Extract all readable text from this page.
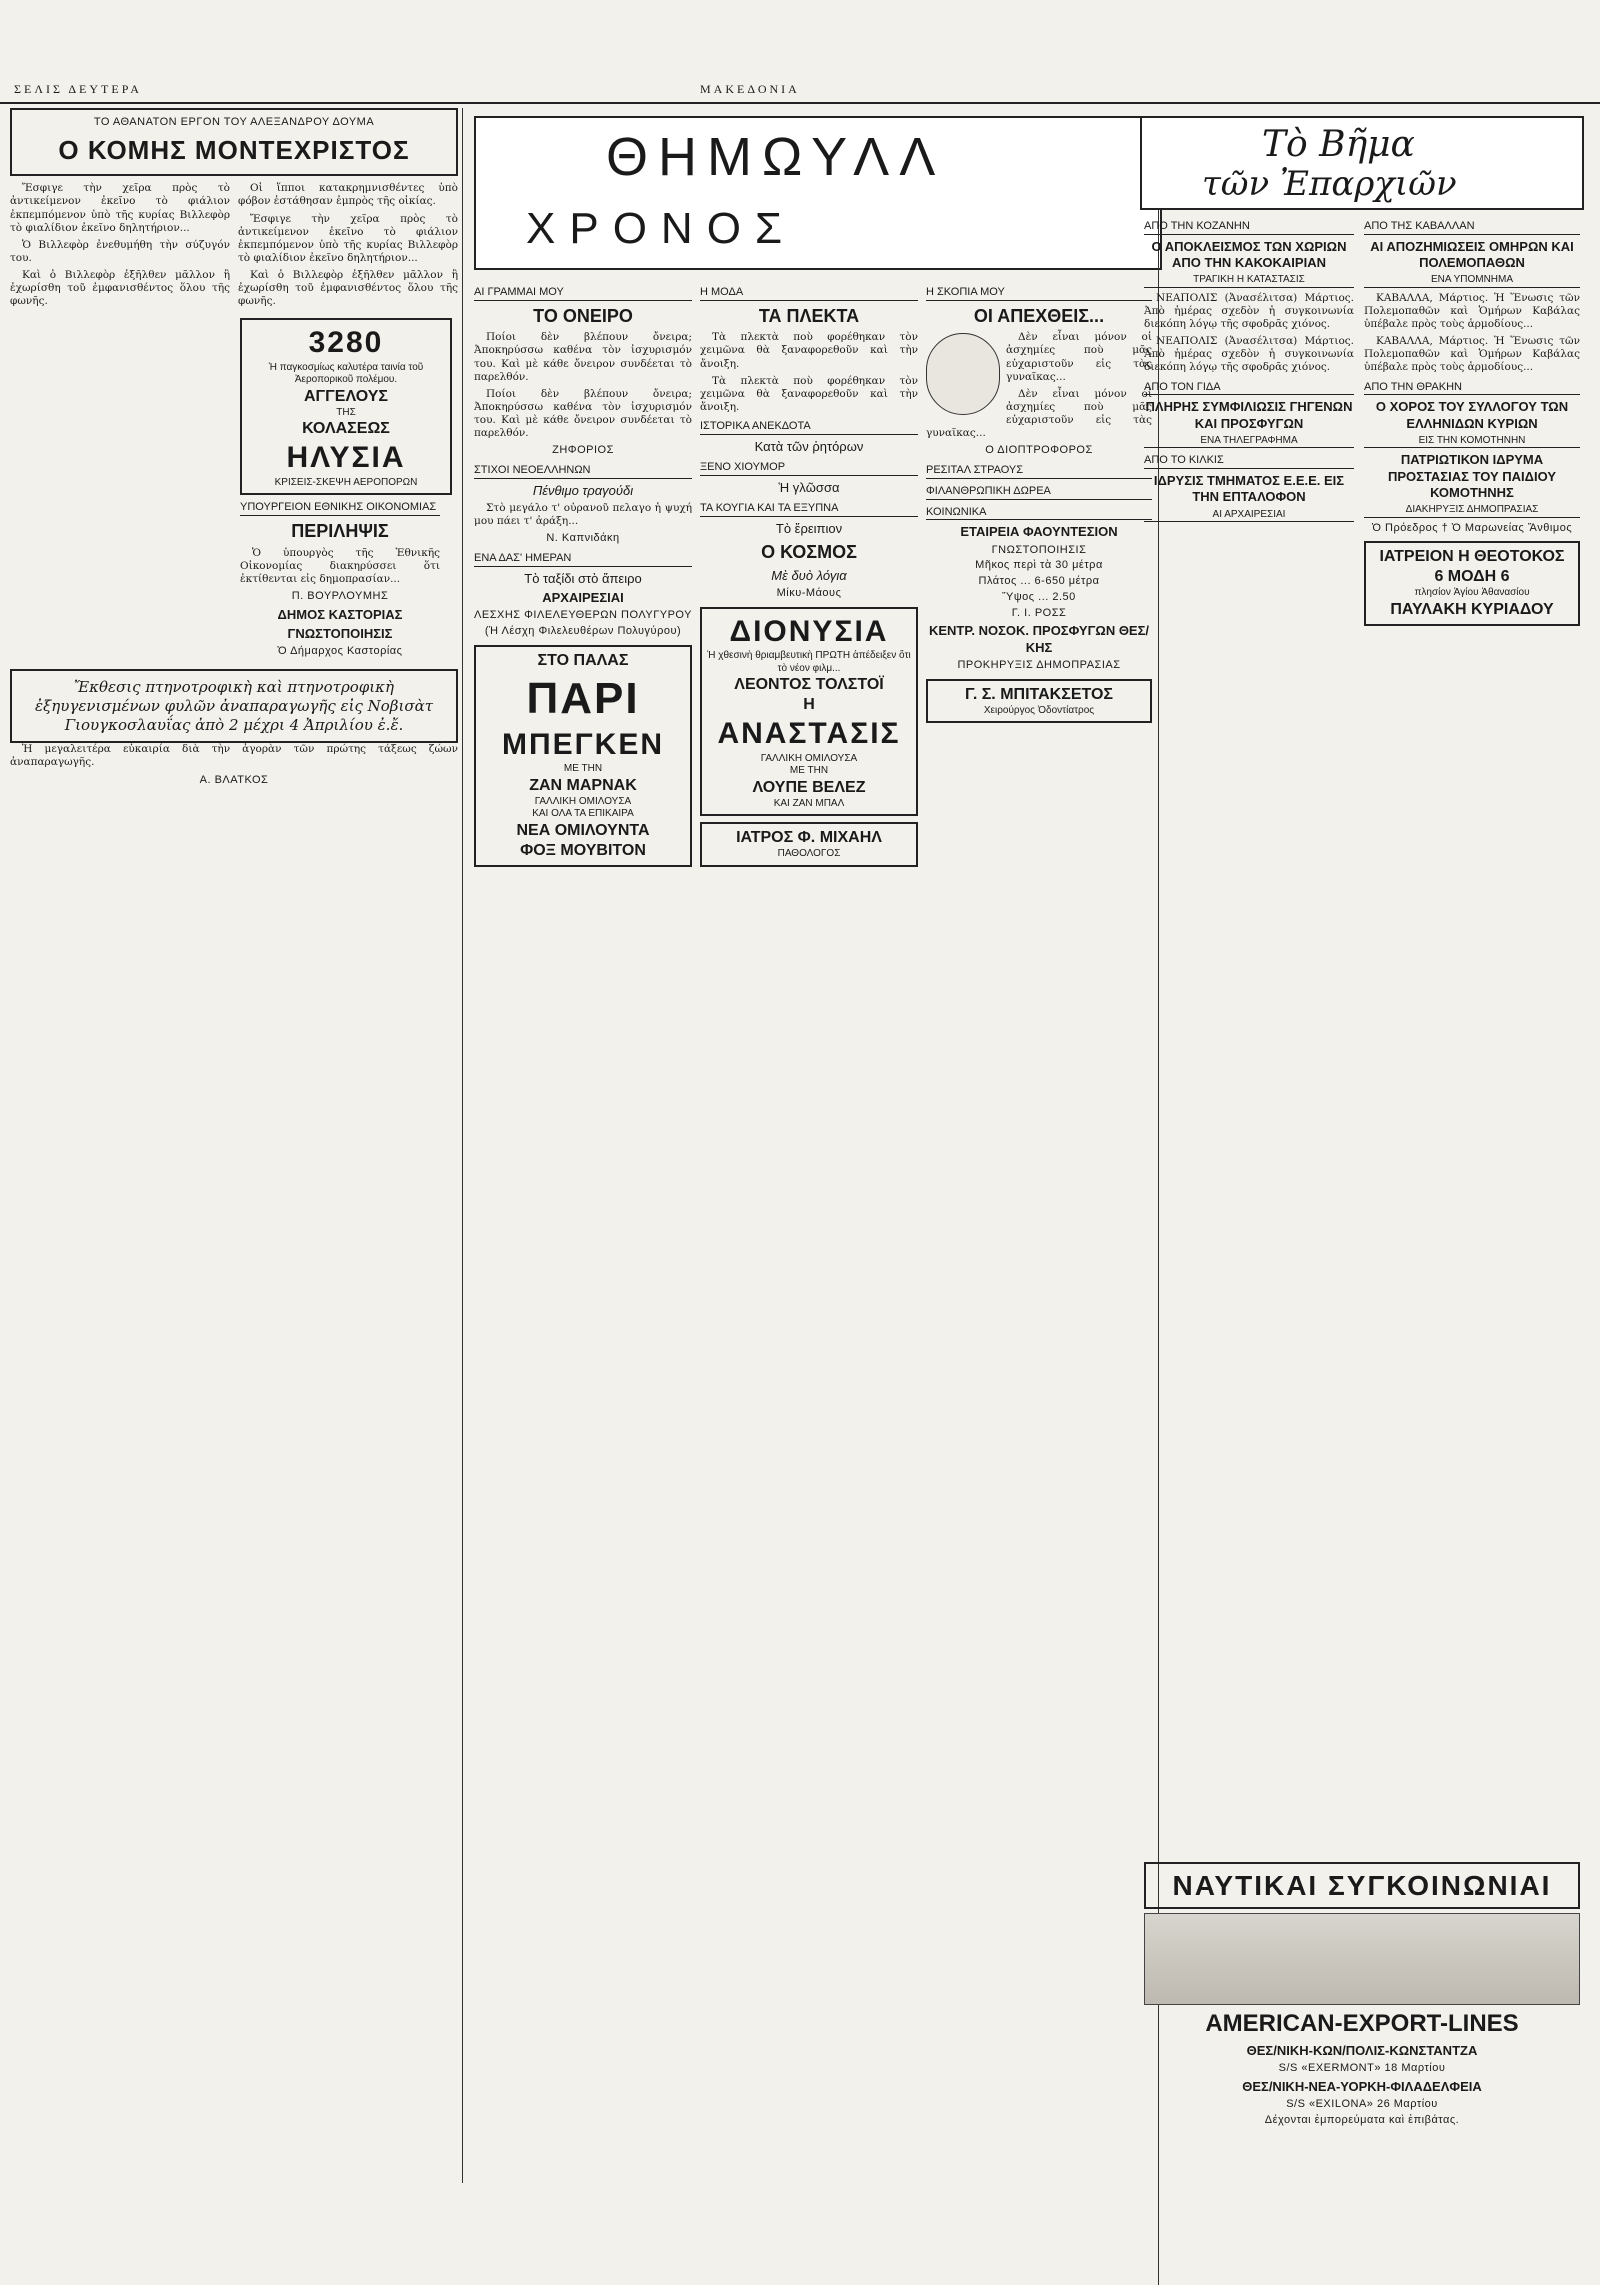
ΣΕΛΙΣ ΔΕΥΤΕΡΑ	ΜΑΚΕΔΟΝΙΑ
ΤΟ ΑΘΑΝΑΤΟΝ ΕΡΓΟΝ ΤΟΥ ΑΛΕΞΑΝΔΡΟΥ ΔΟΥΜΑ
Ο ΚΟΜΗΣ ΜΟΝΤΕΧΡΙΣΤΟΣ

Ἔσφιγε τὴν χεῖρα πρὸς τὸ ἀντικείμενον ἐκεῖνο τὸ φιάλιον ἐκπεμπόμενον ὑπὸ τῆς κυρίας Βιλλεφὸρ τὸ φιαλίδιον ἐκεῖνο δηλητήριον...

Ὁ Βιλλεφὸρ ἐνεθυμήθη τὴν σύζυγόν του.

Καὶ ὁ Βιλλεφὸρ ἐξῆλθεν μᾶλλον ἢ ἐχωρίσθη τοῦ ἐμφανισθέντος ὅλου τῆς φωνῆς.

Οἱ ἵπποι κατακρημνισθέντες ὑπὸ φόβον ἐστάθησαν ἐμπρὸς τῆς οἰκίας.

Ἔσφιγε τὴν χεῖρα πρὸς τὸ ἀντικείμενον ἐκεῖνο τὸ φιάλιον ἐκπεμπόμενον ὑπὸ τῆς κυρίας Βιλλεφὸρ τὸ φιαλίδιον ἐκεῖνο δηλητήριον...

Καὶ ὁ Βιλλεφὸρ ἐξῆλθεν μᾶλλον ἢ ἐχωρίσθη τοῦ ἐμφανισθέντος ὅλου τῆς φωνῆς.

3280
Ἡ παγκοσμίως καλυτέρα ταινία τοῦ Ἀεροπορικοῦ πολέμου.
ΑΓΓΕΛΟΥΣ
ΤΗΣ
ΚΟΛΑΣΕΩΣ
ΗΛΥΣΙΑ
ΚΡΙΣΕΙΣ-ΣΚΕΨΗ ΑΕΡΟΠΟΡΩΝ
ΥΠΟΥΡΓΕΙΟΝ ΕΘΝΙΚΗΣ ΟΙΚΟΝΟΜΙΑΣ
ΠΕΡΙΛΗΨΙΣ

Ὁ ὑπουργὸς τῆς Ἐθνικῆς Οἰκονομίας διακηρύσσει ὅτι ἐκτίθενται εἰς δημοπρασίαν...

Π. ΒΟΥΡΛΟΥΜΗΣ
ΔΗΜΟΣ ΚΑΣΤΟΡΙΑΣ
ΓΝΩΣΤΟΠΟΙΗΣΙΣ
Ὁ Δήμαρχος Καστορίας
Ἔκθεσις πτηνοτροφικὴ καὶ πτηνοτροφικὴ ἐξηυγενισμένων φυλῶν ἀναπαραγωγῆς εἰς Νοβισὰτ Γιουγκοσλαυΐας ἀπὸ 2 μέχρι 4 Ἀπριλίου ἐ.ἔ.

Ἡ μεγαλειτέρα εὐκαιρία διὰ τὴν ἀγορὰν τῶν πρώτης τάξεως ζώων ἀναπαραγωγῆς.

Α. ΒΛΑΤΚΟΣ
ΘΗΜΩΥΛΛ
ΧΡΟΝΟΣ
Τὸ Βῆμα
τῶν Ἐπαρχιῶν
ΑΙ ΓΡΑΜΜΑΙ ΜΟΥ
ΤΟ ΟΝΕΙΡΟ

Ποίοι δὲν βλέπουν ὄνειρα; Ἀποκηρύσσω καθένα τὸν ἰσχυρισμόν του. Καὶ μὲ κάθε ὄνειρον συνδέεται τὸ παρελθόν.

Ποίοι δὲν βλέπουν ὄνειρα; Ἀποκηρύσσω καθένα τὸν ἰσχυρισμόν του. Καὶ μὲ κάθε ὄνειρον συνδέεται τὸ παρελθόν.

ΖΗΦΟΡΙΟΣ
ΣΤΙΧΟΙ ΝΕΟΕΛΛΗΝΩΝ
Πένθιμο τραγούδι

Στὸ μεγάλο τ' οὐρανοῦ πελαγο ἡ ψυχή μου πάει τ' ἀράξη...

Ν. Καπνιδάκη
ΕΝΑ ΔΑΣ' ΗΜΕΡΑΝ
Τὸ ταξίδι στὸ ἄπειρο
ΑΡΧΑΙΡΕΣΙΑΙ
ΛΕΣΧΗΣ ΦΙΛΕΛΕΥΘΕΡΩΝ ΠΟΛΥΓΥΡΟΥ
(Ἡ Λέσχη Φιλελευθέρων Πολυγύρου)
ΣΤΟ ΠΑΛΑΣ
ΠΑΡΙ
ΜΠΕΓΚΕΝ
ΜΕ ΤΗΝ
ΖΑΝ ΜΑΡΝΑΚ
ΓΑΛΛΙΚΗ ΟΜΙΛΟΥΣΑ
ΚΑΙ ΟΛΑ ΤΑ ΕΠΙΚΑΙΡΑ
ΝΕΑ ΟΜΙΛΟΥΝΤΑ
ΦΟΞ ΜΟΥΒΙΤΟΝ
Η ΜΟΔΑ
ΤΑ ΠΛΕΚΤΑ

Τὰ πλεκτὰ ποὺ φορέθηκαν τὸν χειμῶνα θὰ ξαναφορεθοῦν καὶ τὴν ἄνοιξη.

Τὰ πλεκτὰ ποὺ φορέθηκαν τὸν χειμῶνα θὰ ξαναφορεθοῦν καὶ τὴν ἄνοιξη.

ΙΣΤΟΡΙΚΑ ΑΝΕΚΔΟΤΑ
Κατὰ τῶν ῥητόρων
ΞΕΝΟ ΧΙΟΥΜΟΡ
Ἡ γλῶσσα
ΤΑ ΚΟΥΓΙΑ ΚΑΙ ΤΑ ΕΞΥΠΝΑ
Τὸ ἔρειπιον
Ο ΚΟΣΜΟΣ
Μὲ δυὸ λόγια
Μίκυ-Μάους
ΔΙΟΝΥΣΙΑ
Ἡ χθεσινὴ θριαμβευτικὴ ΠΡΩΤΗ ἀπέδειξεν ὅτι τὸ νέον φιλμ...
ΛΕΟΝΤΟΣ ΤΟΛΣΤΟΪ
Η
ΑΝΑΣΤΑΣΙΣ
ΓΑΛΛΙΚΗ ΟΜΙΛΟΥΣΑ
ΜΕ ΤΗΝ
ΛΟΥΠΕ ΒΕΛΕΖ
ΚΑΙ ΖΑΝ ΜΠΑΛ
ΙΑΤΡΟΣ Φ. ΜΙΧΑΗΛ
ΠΑΘΟΛΟΓΟΣ
Η ΣΚΟΠΙΑ ΜΟΥ
ΟΙ ΑΠΕΧΘΕΙΣ...

Δὲν εἶναι μόνον οἱ ἀσχημίες ποὺ μᾶς εὐχαριστοῦν εἰς τὰς γυναῖκας...

Δὲν εἶναι μόνον οἱ ἀσχημίες ποὺ μᾶς εὐχαριστοῦν εἰς τὰς γυναῖκας...

Ο ΔΙΟΠΤΡΟΦΟΡΟΣ
ΡΕΣΙΤΑΛ ΣΤΡΑΟΥΣ
ΦΙΛΑΝΘΡΩΠΙΚΗ ΔΩΡΕΑ
ΚΟΙΝΩΝΙΚΑ
ΕΤΑΙΡΕΙΑ ΦΑΟΥΝΤΕΣΙΟΝ
ΓΝΩΣΤΟΠΟΙΗΣΙΣ
Μῆκος περὶ τὰ 30 μέτρα
Πλάτος ... 6-650 μέτρα
Ὕψος ... 2.50
Γ. Ι. ΡΟΣΣ
ΚΕΝΤΡ. ΝΟΣΟΚ. ΠΡΟΣΦΥΓΩΝ ΘΕΣ/ΚΗΣ
ΠΡΟΚΗΡΥΞΙΣ ΔΗΜΟΠΡΑΣΙΑΣ
Γ. Σ. ΜΠΙΤΑΚΣΕΤΟΣ
Χειρούργος Ὀδοντίατρος
ΑΠΟ ΤΗΝ ΚΟΖΑΝΗΝ
Ο ΑΠΟΚΛΕΙΣΜΟΣ ΤΩΝ ΧΩΡΙΩΝ ΑΠΟ ΤΗΝ ΚΑΚΟΚΑΙΡΙΑΝ
ΤΡΑΓΙΚΗ Η ΚΑΤΑΣΤΑΣΙΣ

ΝΕΑΠΟΛΙΣ (Ἀνασέλιτσα) Μάρτιος. Ἀπὸ ἡμέρας σχεδὸν ἡ συγκοινωνία διεκόπη λόγῳ τῆς σφοδρᾶς χιόνος.

ΝΕΑΠΟΛΙΣ (Ἀνασέλιτσα) Μάρτιος. Ἀπὸ ἡμέρας σχεδὸν ἡ συγκοινωνία διεκόπη λόγῳ τῆς σφοδρᾶς χιόνος.

ΑΠΟ ΤΟΝ ΓΙΔΑ
ΠΛΗΡΗΣ ΣΥΜΦΙΛΙΩΣΙΣ ΓΗΓΕΝΩΝ ΚΑΙ ΠΡΟΣΦΥΓΩΝ
ΕΝΑ ΤΗΛΕΓΡΑΦΗΜΑ
ΑΠΟ ΤΟ ΚΙΛΚΙΣ
ΙΔΡΥΣΙΣ ΤΜΗΜΑΤΟΣ Ε.Ε.Ε. ΕΙΣ ΤΗΝ ΕΠΤΑΛΟΦΟΝ
ΑΙ ΑΡΧΑΙΡΕΣΙΑΙ
ΑΠΟ ΤΗΣ ΚΑΒΑΛΛΑΝ
ΑΙ ΑΠΟΖΗΜΙΩΣΕΙΣ ΟΜΗΡΩΝ ΚΑΙ ΠΟΛΕΜΟΠΑΘΩΝ
ΕΝΑ ΥΠΟΜΝΗΜΑ

ΚΑΒΑΛΛΑ, Μάρτιος. Ἡ Ἕνωσις τῶν Πολεμοπαθῶν καὶ Ὁμήρων Καβάλας ὑπέβαλε πρὸς τοὺς ἁρμοδίους...

ΚΑΒΑΛΛΑ, Μάρτιος. Ἡ Ἕνωσις τῶν Πολεμοπαθῶν καὶ Ὁμήρων Καβάλας ὑπέβαλε πρὸς τοὺς ἁρμοδίους...

ΑΠΟ ΤΗΝ ΘΡΑΚΗΝ
Ο ΧΟΡΟΣ ΤΟΥ ΣΥΛΛΟΓΟΥ ΤΩΝ ΕΛΛΗΝΙΔΩΝ ΚΥΡΙΩΝ
ΕΙΣ ΤΗΝ ΚΟΜΟΤΗΝΗΝ
ΠΑΤΡΙΩΤΙΚΟΝ ΙΔΡΥΜΑ ΠΡΟΣΤΑΣΙΑΣ ΤΟΥ ΠΑΙΔΙΟΥ ΚΟΜΟΤΗΝΗΣ
ΔΙΑΚΗΡΥΞΙΣ ΔΗΜΟΠΡΑΣΙΑΣ
Ὁ Πρόεδρος † Ὁ Μαρωνείας Ἄνθιμος
ΙΑΤΡΕΙΟΝ Η ΘΕΟΤΟΚΟΣ
6 ΜΟΔΗ 6
πλησίον Ἁγίου Ἀθανασίου
ΠΑΥΛΑΚΗ ΚΥΡΙΑΔΟΥ
ΝΑΥΤΙΚΑΙ ΣΥΓΚΟΙΝΩΝΙΑΙ
AMERICAN-EXPORT-LINES
ΘΕΣ/ΝΙΚΗ-ΚΩΝ/ΠΟΛΙΣ-ΚΩΝΣΤΑΝΤΖΑ
S/S «EXERMONT» 18 Μαρτίου
ΘΕΣ/ΝΙΚΗ-ΝΕΑ-ΥΟΡΚΗ-ΦΙΛΑΔΕΛΦΕΙΑ
S/S «EXILONA» 26 Μαρτίου
Δέχονται ἐμπορεύματα καὶ ἐπιβάτας.
